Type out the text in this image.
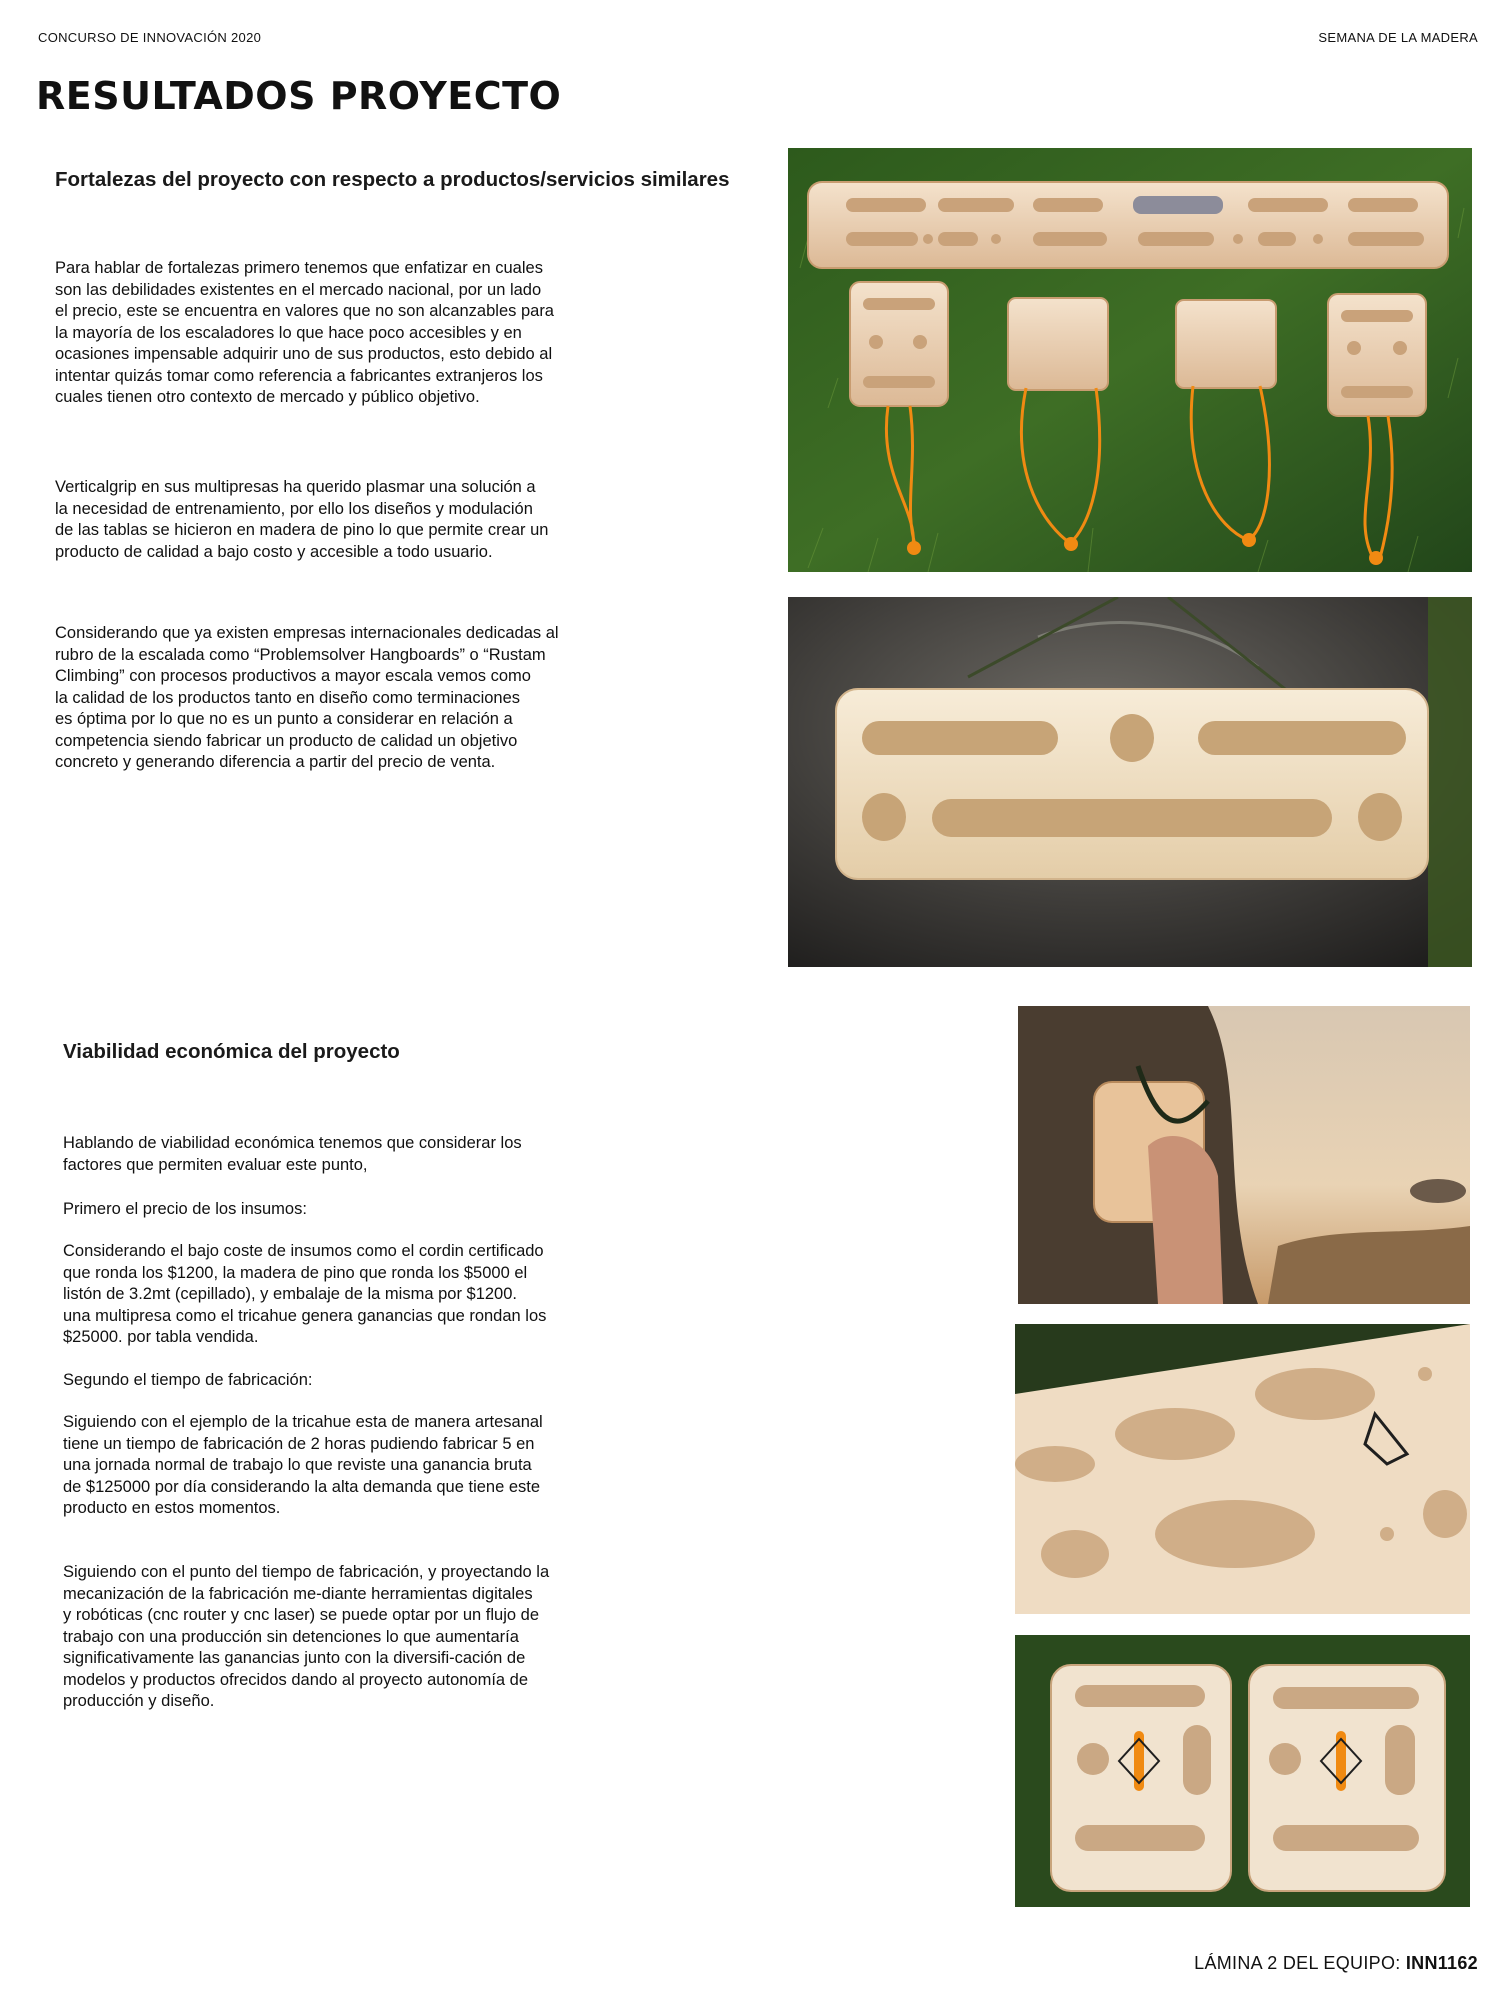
CONCURSO DE INNOVACIÓN 2020	SEMANA DE LA MADERA
RESULTADOS PROYECTO
Fortalezas del proyecto con respecto a productos/servicios similares

Para hablar de fortalezas primero tenemos que enfatizar en cuales
son las debilidades existentes en el mercado nacional, por un lado
el precio, este se encuentra en valores que no son alcanzables para
la mayoría de los escaladores lo que hace poco accesibles y en
ocasiones impensable adquirir uno de sus productos, esto debido al
intentar quizás tomar como referencia a fabricantes extranjeros los
cuales tienen otro contexto de mercado y público objetivo.

Verticalgrip en sus multipresas ha querido plasmar una solución a
la necesidad de entrenamiento, por ello los diseños y modulación
de las tablas se hicieron en madera de pino lo que permite crear un
producto de calidad a bajo costo y accesible a todo usuario.

Considerando que ya existen empresas internacionales dedicadas al
rubro de la escalada como “Problemsolver Hangboards” o “Rustam
Climbing” con procesos productivos a mayor escala vemos como
la calidad de los productos tanto en diseño como terminaciones
es óptima por lo que no es un punto a considerar en relación a
competencia siendo fabricar un producto de calidad un objetivo
concreto y generando diferencia a partir del precio de venta.

Viabilidad económica del proyecto

Hablando de viabilidad económica tenemos que considerar los
factores que permiten evaluar este punto,

Primero el precio de los insumos:

Considerando el bajo coste de insumos como el cordin certificado
que ronda los $1200, la madera de pino que ronda los $5000 el
listón de 3.2mt (cepillado), y embalaje de la misma por $1200.
una multipresa como el tricahue genera ganancias que rondan los
$25000. por tabla vendida.

Segundo el tiempo de fabricación:

Siguiendo con el ejemplo de la tricahue esta de manera artesanal
tiene un tiempo de fabricación de 2 horas pudiendo fabricar 5 en
una jornada normal de trabajo lo que reviste una ganancia bruta
de $125000 por día considerando la alta demanda que tiene este
producto en estos momentos.

Siguiendo con el punto del tiempo de fabricación, y proyectando la
mecanización de la fabricación me-diante herramientas digitales
y robóticas (cnc router y cnc laser) se puede optar por un flujo de
trabajo con una producción sin detenciones lo que aumentaría
significativamente las ganancias junto con la diversifi-cación de
modelos y productos ofrecidos dando al proyecto autonomía de
producción y diseño.

LÁMINA 2 DEL EQUIPO: INN1162
